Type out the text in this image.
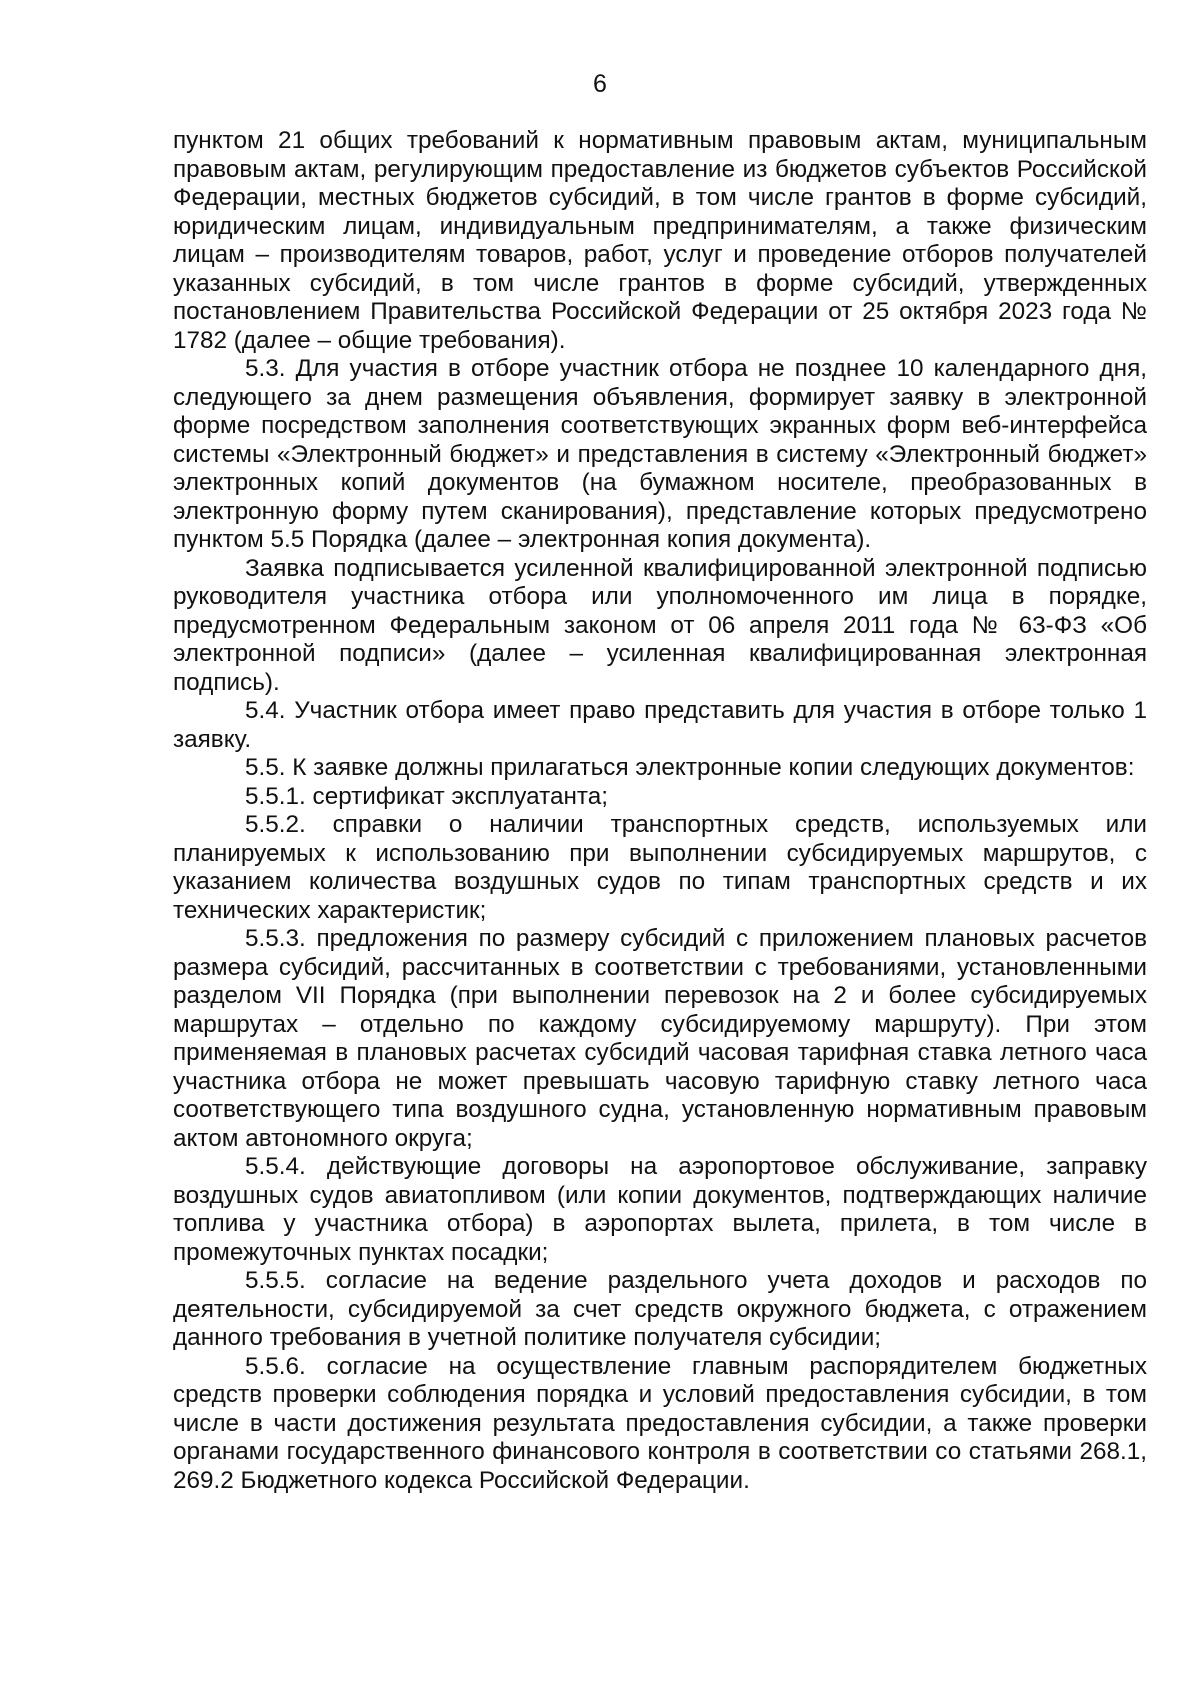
6

пунктом 21 общих требований к нормативным правовым актам, муниципальным правовым актам, регулирующим предоставление из бюджетов субъектов Российской Федерации, местных бюджетов субсидий, в том числе грантов в форме субсидий, юридическим лицам, индивидуальным предпринимателям, а также физическим лицам – производителям товаров, работ, услуг и проведение отборов получателей указанных субсидий, в том числе грантов в форме субсидий, утвержденных постановлением Правительства Российской Федерации от 25 октября 2023 года № 1782 (далее – общие требования).

5.3. Для участия в отборе участник отбора не позднее 10 календарного дня, следующего за днем размещения объявления, формирует заявку в электронной форме посредством заполнения соответствующих экранных форм веб-интерфейса системы «Электронный бюджет» и представления в систему «Электронный бюджет» электронных копий документов (на бумажном носителе, преобразованных в электронную форму путем сканирования), представление которых предусмотрено пунктом 5.5 Порядка (далее – электронная копия документа).

Заявка подписывается усиленной квалифицированной электронной подписью руководителя участника отбора или уполномоченного им лица в порядке, предусмотренном Федеральным законом от 06 апреля 2011 года № 63-ФЗ «Об электронной подписи» (далее – усиленная квалифицированная электронная подпись).

5.4. Участник отбора имеет право представить для участия в отборе только 1 заявку.

5.5. К заявке должны прилагаться электронные копии следующих документов:

5.5.1. сертификат эксплуатанта;

5.5.2. справки о наличии транспортных средств, используемых или планируемых к использованию при выполнении субсидируемых маршрутов, с указанием количества воздушных судов по типам транспортных средств и их технических характеристик;

5.5.3. предложения по размеру субсидий с приложением плановых расчетов размера субсидий, рассчитанных в соответствии с требованиями, установленными разделом VII Порядка (при выполнении перевозок на 2 и более субсидируемых маршрутах – отдельно по каждому субсидируемому маршруту). При этом применяемая в плановых расчетах субсидий часовая тарифная ставка летного часа участника отбора не может превышать часовую тарифную ставку летного часа соответствующего типа воздушного судна, установленную нормативным правовым актом автономного округа;

5.5.4. действующие договоры на аэропортовое обслуживание, заправку воздушных судов авиатопливом (или копии документов, подтверждающих наличие топлива у участника отбора) в аэропортах вылета, прилета, в том числе в промежуточных пунктах посадки;

5.5.5. согласие на ведение раздельного учета доходов и расходов по деятельности, субсидируемой за счет средств окружного бюджета, с отражением данного требования в учетной политике получателя субсидии;

5.5.6. согласие на осуществление главным распорядителем бюджетных средств проверки соблюдения порядка и условий предоставления субсидии, в том числе в части достижения результата предоставления субсидии, а также проверки органами государственного финансового контроля в соответствии со статьями 268.1, 269.2 Бюджетного кодекса Российской Федерации.
